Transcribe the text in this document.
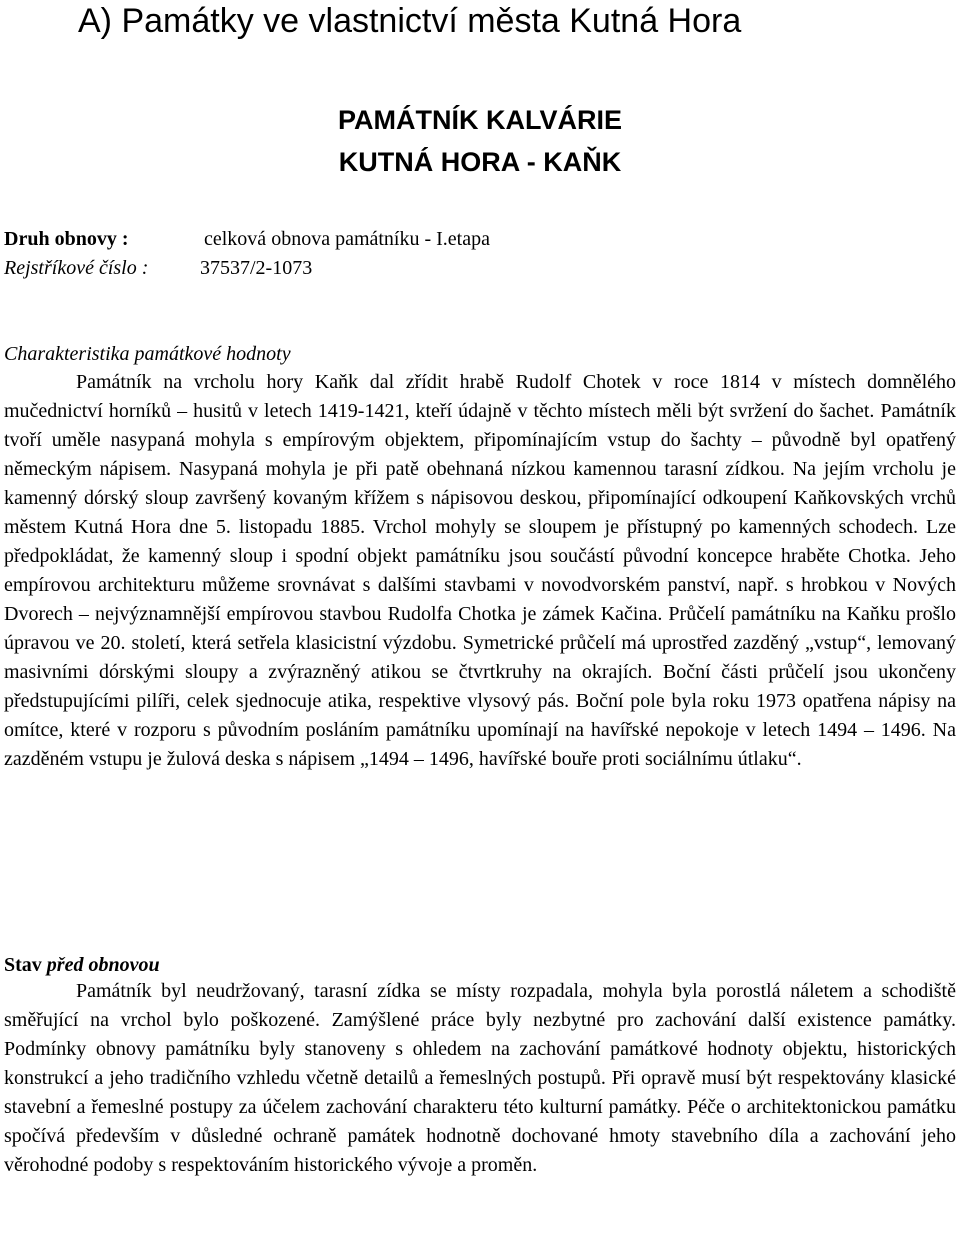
A) Památky ve vlastnictví města Kutná Hora
PAMÁTNÍK KALVÁRIE
KUTNÁ HORA - KAŇK
Druh obnovy :	celková obnova památníku - I.etapa
Rejstříkové číslo :	37537/2-1073
Charakteristika památkové hodnoty

Památník na vrcholu hory Kaňk dal zřídit hrabě Rudolf Chotek v roce 1814 v místech domnělého mučednictví horníků – husitů v letech 1419-1421, kteří údajně v těchto místech měli být svržení do šachet. Památník tvoří uměle nasypaná mohyla s empírovým objektem, připomínajícím vstup do šachty – původně byl opatřený německým nápisem. Nasypaná mohyla je při patě obehnaná nízkou kamennou tarasní zídkou. Na jejím vrcholu je kamenný dórský sloup završený kovaným křížem s nápisovou deskou, připomínající odkoupení Kaňkovských vrchů městem Kutná Hora dne 5. listopadu 1885. Vrchol mohyly se sloupem je přístupný po kamenných schodech. Lze předpokládat, že kamenný sloup i spodní objekt památníku jsou součástí původní koncepce hraběte Chotka. Jeho empírovou architekturu můžeme srovnávat s dalšími stavbami v novodvorském panství, např. s hrobkou v Nových Dvorech – nejvýznamnější empírovou stavbou Rudolfa Chotka je zámek Kačina. Průčelí památníku na Kaňku prošlo úpravou ve 20. století, která setřela klasicistní výzdobu. Symetrické průčelí má uprostřed zazděný „vstup“, lemovaný masivními dórskými sloupy a zvýrazněný atikou se čtvrtkruhy na okrajích. Boční části průčelí jsou ukončeny předstupujícími pilíři, celek sjednocuje atika, respektive vlysový pás. Boční pole byla roku 1973 opatřena nápisy na omítce, které v rozporu s původním posláním památníku upomínají na havířské nepokoje v letech 1494 – 1496. Na zazděném vstupu je žulová deska s nápisem „1494 – 1496, havířské bouře proti sociálnímu útlaku“.

Stav před obnovou

Památník byl neudržovaný, tarasní zídka se místy rozpadala, mohyla byla porostlá náletem a schodiště směřující na vrchol bylo poškozené. Zamýšlené práce byly nezbytné pro zachování další existence památky. Podmínky obnovy památníku byly stanoveny s ohledem na zachování památkové hodnoty objektu, historických konstrukcí a jeho tradičního vzhledu včetně detailů a řemeslných postupů. Při opravě musí být respektovány klasické stavební a řemeslné postupy za účelem zachování charakteru této kulturní památky. Péče o architektonickou památku spočívá především v důsledné ochraně památek hodnotně dochované hmoty stavebního díla a zachování jeho věrohodné podoby s respektováním historického vývoje a proměn.
